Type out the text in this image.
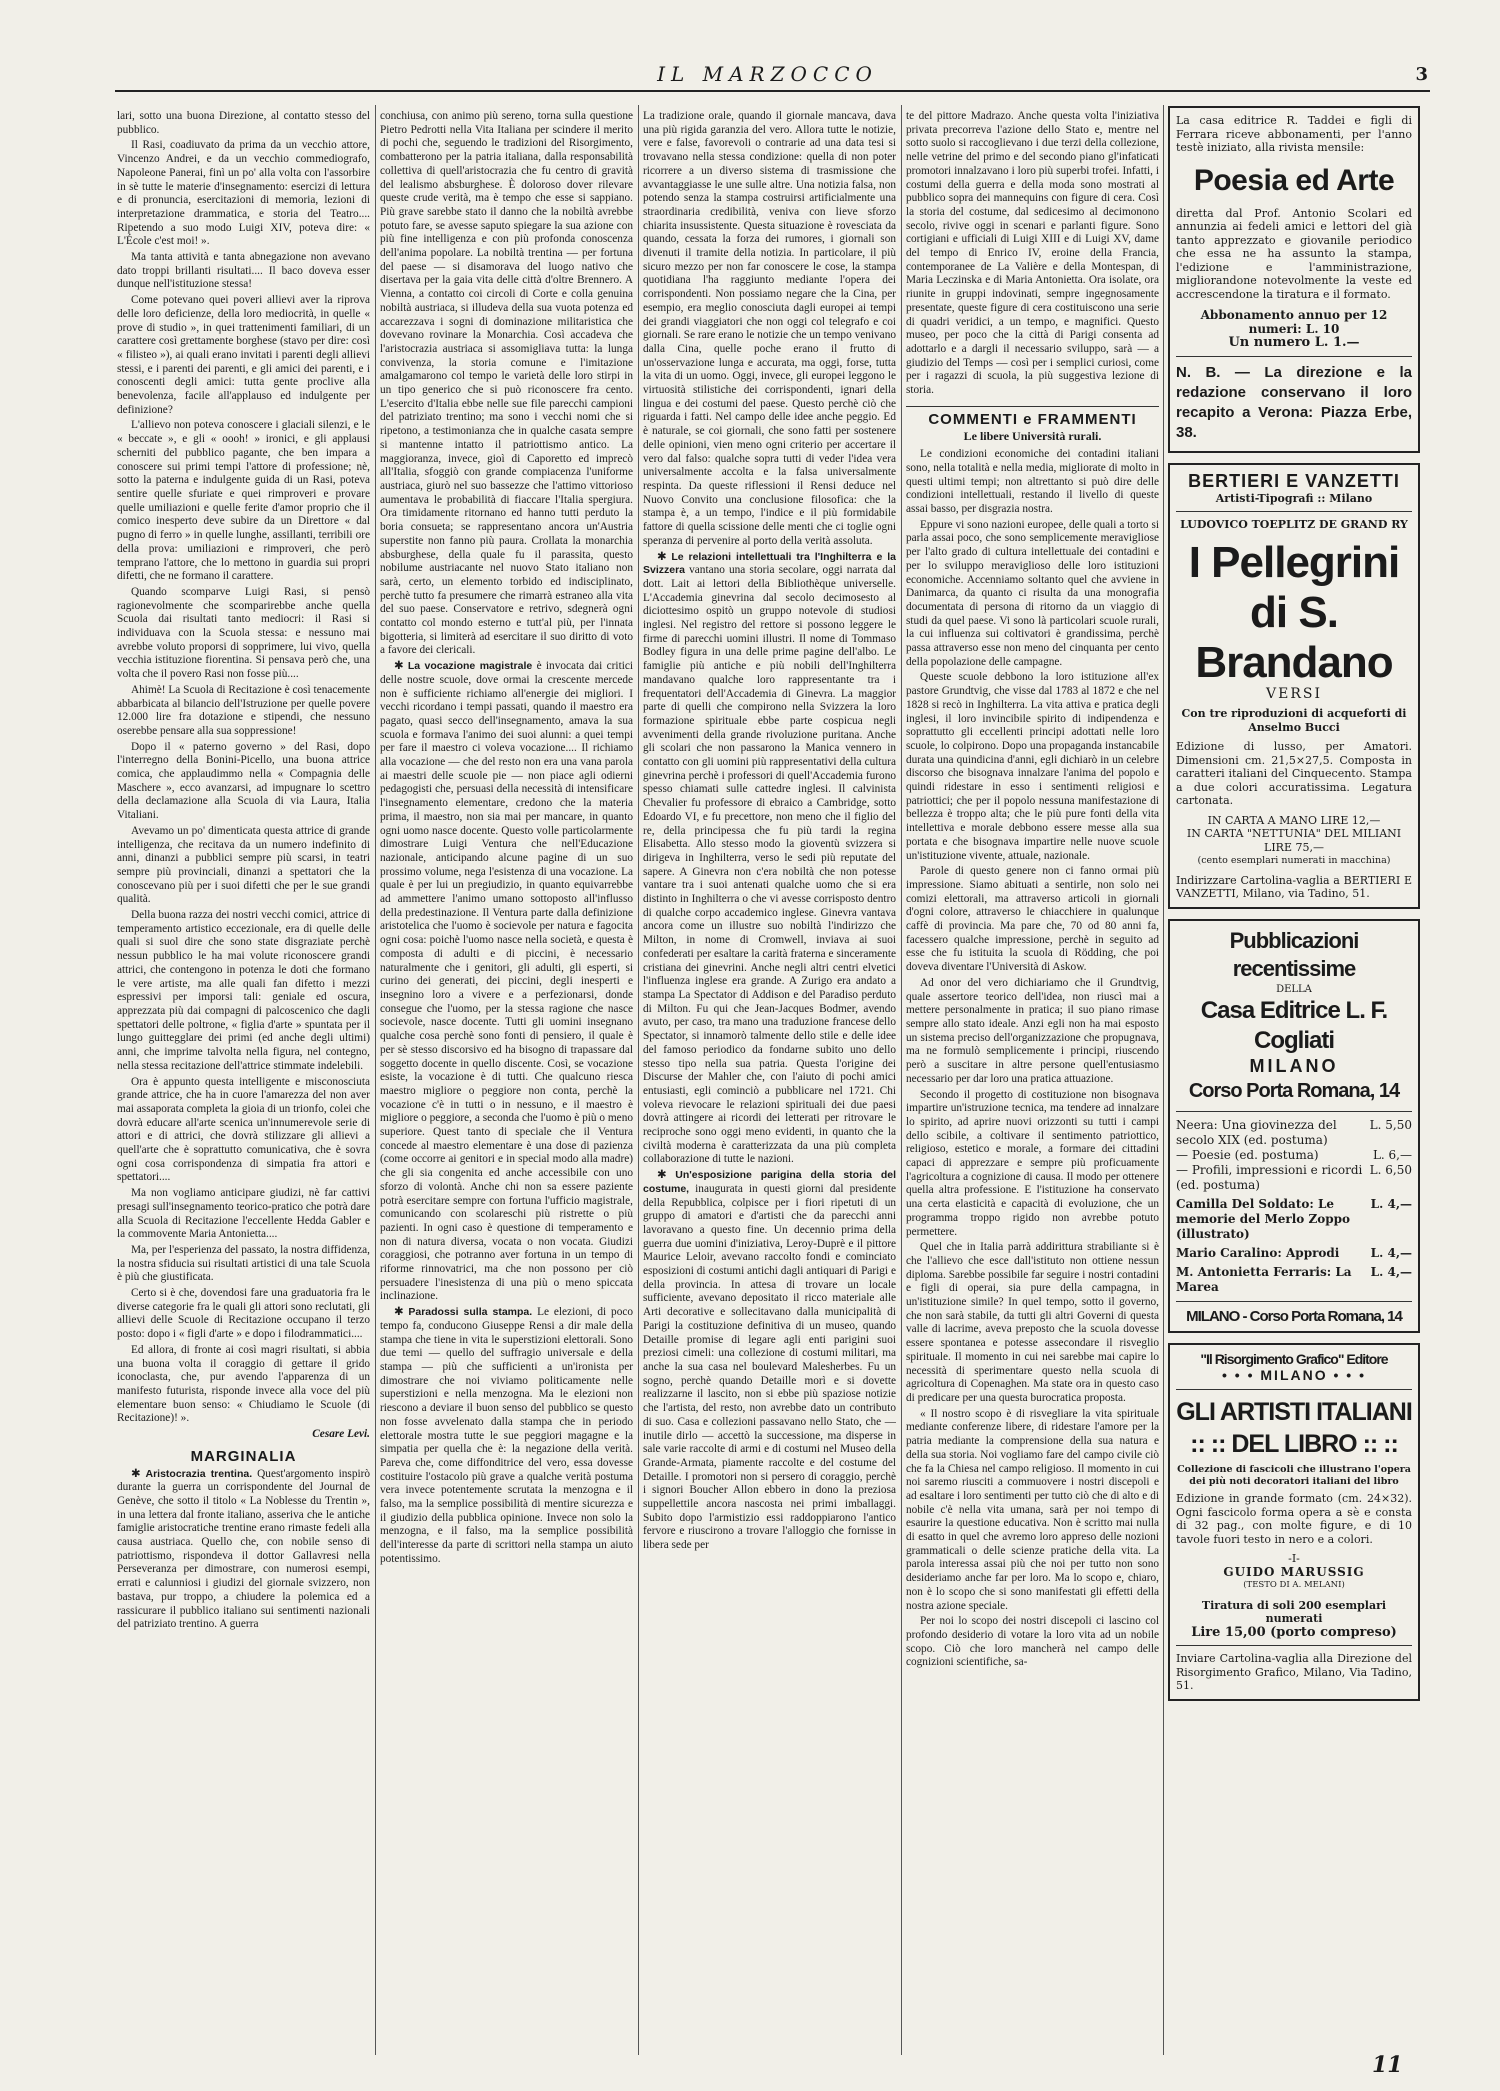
IL MARZOCCO	3

lari, sotto una buona Direzione, al contatto stesso del pubblico.

Il Rasi, coadiuvato da prima da un vecchio attore, Vincenzo Andrei, e da un vecchio commediografo, Napoleone Panerai, finì un po' alla volta con l'assorbire in sè tutte le materie d'insegnamento: esercizi di lettura e di pronuncia, esercitazioni di memoria, lezioni di interpretazione drammatica, e storia del Teatro.... Ripetendo a suo modo Luigi XIV, poteva dire: « L'École c'est moi! ».

Ma tanta attività e tanta abnegazione non avevano dato troppi brillanti risultati.... Il baco doveva esser dunque nell'istituzione stessa!

Come potevano quei poveri allievi aver la riprova delle loro deficienze, della loro mediocrità, in quelle « prove di studio », in quei trattenimenti familiari, di un carattere così grettamente borghese (stavo per dire: così « filisteo »), ai quali erano invitati i parenti degli allievi stessi, e i parenti dei parenti, e gli amici dei parenti, e i conoscenti degli amici: tutta gente proclive alla benevolenza, facile all'applauso ed indulgente per definizione?

L'allievo non poteva conoscere i glaciali silenzi, e le « beccate », e gli « oooh! » ironici, e gli applausi scherniti del pubblico pagante, che ben impara a conoscere sui primi tempi l'attore di professione; nè, sotto la paterna e indulgente guida di un Rasi, poteva sentire quelle sfuriate e quei rimproveri e provare quelle umiliazioni e quelle ferite d'amor proprio che il comico inesperto deve subire da un Direttore « dal pugno di ferro » in quelle lunghe, assillanti, terribili ore della prova: umiliazioni e rimproveri, che però temprano l'attore, che lo mettono in guardia sui propri difetti, che ne formano il carattere.

Quando scomparve Luigi Rasi, si pensò ragionevolmente che scomparirebbe anche quella Scuola dai risultati tanto mediocri: il Rasi si individuava con la Scuola stessa: e nessuno mai avrebbe voluto proporsi di sopprimere, lui vivo, quella vecchia istituzione fiorentina. Si pensava però che, una volta che il povero Rasi non fosse più....

Ahimè! La Scuola di Recitazione è così tenacemente abbarbicata al bilancio dell'Istruzione per quelle povere 12.000 lire fra dotazione e stipendi, che nessuno oserebbe pensare alla sua soppressione!

Dopo il « paterno governo » del Rasi, dopo l'interregno della Bonini-Picello, una buona attrice comica, che applaudimmo nella « Compagnia delle Maschere », ecco avanzarsi, ad impugnare lo scettro della declamazione alla Scuola di via Laura, Italia Vitaliani.

Avevamo un po' dimenticata questa attrice di grande intelligenza, che recitava da un numero indefinito di anni, dinanzi a pubblici sempre più scarsi, in teatri sempre più provinciali, dinanzi a spettatori che la conoscevano più per i suoi difetti che per le sue grandi qualità.

Della buona razza dei nostri vecchi comici, attrice di temperamento artistico eccezionale, era di quelle delle quali si suol dire che sono state disgraziate perchè nessun pubblico le ha mai volute riconoscere grandi attrici, che contengono in potenza le doti che formano le vere artiste, ma alle quali fan difetto i mezzi espressivi per imporsi tali: geniale ed oscura, apprezzata più dai compagni di palcoscenico che dagli spettatori delle poltrone, « figlia d'arte » spuntata per il lungo guittegglare dei primi (ed anche degli ultimi) anni, che imprime talvolta nella figura, nel contegno, nella stessa recitazione dell'attrice stimmate indelebili.

Ora è appunto questa intelligente e misconosciuta grande attrice, che ha in cuore l'amarezza del non aver mai assaporata completa la gioia di un trionfo, colei che dovrà educare all'arte scenica un'innumerevole serie di attori e di attrici, che dovrà stilizzare gli allievi a quell'arte che è soprattutto comunicativa, che è sovra ogni cosa corrispondenza di simpatia fra attori e spettatori....

Ma non vogliamo anticipare giudizi, nè far cattivi presagi sull'insegnamento teorico-pratico che potrà dare alla Scuola di Recitazione l'eccellente Hedda Gabler e la commovente Maria Antonietta....

Ma, per l'esperienza del passato, la nostra diffidenza, la nostra sfiducia sui risultati artistici di una tale Scuola è più che giustificata.

Certo si è che, dovendosi fare una graduatoria fra le diverse categorie fra le quali gli attori sono reclutati, gli allievi delle Scuole di Recitazione occupano il terzo posto: dopo i « figli d'arte » e dopo i filodrammatici....

Ed allora, di fronte ai così magri risultati, si abbia una buona volta il coraggio di gettare il grido iconoclasta, che, pur avendo l'apparenza di un manifesto futurista, risponde invece alla voce del più elementare buon senso: « Chiudiamo le Scuole (di Recitazione)! ».

Cesare Levi.
MARGINALIA

✱ Aristocrazia trentina. Quest'argomento inspirò durante la guerra un corrispondente del Journal de Genève, che sotto il titolo « La Noblesse du Trentin », in una lettera dal fronte italiano, asseriva che le antiche famiglie aristocratiche trentine erano rimaste fedeli alla causa austriaca. Quello che, con nobile senso di patriottismo, rispondeva il dottor Gallavresi nella Perseveranza per dimostrare, con numerosi esempi, errati e calunniosi i giudizi del giornale svizzero, non bastava, pur troppo, a chiudere la polemica ed a rassicurare il pubblico italiano sui sentimenti nazionali del patriziato trentino. A guerra

conchiusa, con animo più sereno, torna sulla questione Pietro Pedrotti nella Vita Italiana per scindere il merito di pochi che, seguendo le tradizioni del Risorgimento, combatterono per la patria italiana, dalla responsabilità collettiva di quell'aristocrazia che fu centro di gravità del lealismo absburghese. È doloroso dover rilevare queste crude verità, ma è tempo che esse si sappiano. Più grave sarebbe stato il danno che la nobiltà avrebbe potuto fare, se avesse saputo spiegare la sua azione con più fine intelligenza e con più profonda conoscenza dell'anima popolare. La nobiltà trentina — per fortuna del paese — si disamorava del luogo nativo che disertava per la gaia vita delle città d'oltre Brennero. A Vienna, a contatto coi circoli di Corte e colla genuina nobiltà austriaca, si illudeva della sua vuota potenza ed accarezzava i sogni di dominazione militaristica che dovevano rovinare la Monarchia. Così accadeva che l'aristocrazia austriaca si assomigliava tutta: la lunga convivenza, la storia comune e l'imitazione amalgamarono col tempo le varietà delle loro stirpi in un tipo generico che si può riconoscere fra cento. L'esercito d'Italia ebbe nelle sue file parecchi campioni del patriziato trentino; ma sono i vecchi nomi che si ripetono, a testimonianza che in qualche casata sempre si mantenne intatto il patriottismo antico. La maggioranza, invece, gioì di Caporetto ed imprecò all'Italia, sfoggiò con grande compiacenza l'uniforme austriaca, giurò nel suo bassezze che l'attimo vittorioso aumentava le probabilità di fiaccare l'Italia spergiura. Ora timidamente ritornano ed hanno tutti perduto la boria consueta; se rappresentano ancora un'Austria superstite non fanno più paura. Crollata la monarchia absburghese, della quale fu il parassita, questo nobilume austriacante nel nuovo Stato italiano non sarà, certo, un elemento torbido ed indisciplinato, perchè tutto fa presumere che rimarrà estraneo alla vita del suo paese. Conservatore e retrivo, sdegnerà ogni contatto col mondo esterno e tutt'al più, per l'innata bigotteria, si limiterà ad esercitare il suo diritto di voto a favore dei clericali.

✱ La vocazione magistrale è invocata dai critici delle nostre scuole, dove ormai la crescente mercede non è sufficiente richiamo all'energie dei migliori. I vecchi ricordano i tempi passati, quando il maestro era pagato, quasi secco dell'insegnamento, amava la sua scuola e formava l'animo dei suoi alunni: a quei tempi per fare il maestro ci voleva vocazione.... Il richiamo alla vocazione — che del resto non era una vana parola ai maestri delle scuole pie — non piace agli odierni pedagogisti che, persuasi della necessità di intensificare l'insegnamento elementare, credono che la materia prima, il maestro, non sia mai per mancare, in quanto ogni uomo nasce docente. Questo volle particolarmente dimostrare Luigi Ventura che nell'Educazione nazionale, anticipando alcune pagine di un suo prossimo volume, nega l'esistenza di una vocazione. La quale è per lui un pregiudizio, in quanto equivarrebbe ad ammettere l'animo umano sottoposto all'influsso della predestinazione. Il Ventura parte dalla definizione aristotelica che l'uomo è socievole per natura e fagocita ogni cosa: poichè l'uomo nasce nella società, e questa è composta di adulti e di piccini, è necessario naturalmente che i genitori, gli adulti, gli esperti, si curino dei generati, dei piccini, degli inesperti e insegnino loro a vivere e a perfezionarsi, donde consegue che l'uomo, per la stessa ragione che nasce socievole, nasce docente. Tutti gli uomini insegnano qualche cosa perchè sono fonti di pensiero, il quale è per sè stesso discorsivo ed ha bisogno di trapassare dal soggetto docente in quello discente. Così, se vocazione esiste, la vocazione è di tutti. Che qualcuno riesca maestro migliore o peggiore non conta, perchè la vocazione c'è in tutti o in nessuno, e il maestro è migliore o peggiore, a seconda che l'uomo è più o meno superiore. Quest tanto di speciale che il Ventura concede al maestro elementare è una dose di pazienza (come occorre ai genitori e in special modo alla madre) che gli sia congenita ed anche accessibile con uno sforzo di volontà. Anche chi non sa essere paziente potrà esercitare sempre con fortuna l'ufficio magistrale, comunicando con scolareschi più ristrette o più pazienti. In ogni caso è questione di temperamento e non di natura diversa, vocata o non vocata. Giudizi coraggiosi, che potranno aver fortuna in un tempo di riforme rinnovatrici, ma che non possono per ciò persuadere l'inesistenza di una più o meno spiccata inclinazione.

✱ Paradossi sulla stampa. Le elezioni, di poco tempo fa, conducono Giuseppe Rensi a dir male della stampa che tiene in vita le superstizioni elettorali. Sono due temi — quello del suffragio universale e della stampa — più che sufficienti a un'ironista per dimostrare che noi viviamo politicamente nelle superstizioni e nella menzogna. Ma le elezioni non riescono a deviare il buon senso del pubblico se questo non fosse avvelenato dalla stampa che in periodo elettorale mostra tutte le sue peggiori magagne e la simpatia per quella che è: la negazione della verità. Pareva che, come diffonditrice del vero, essa dovesse costituire l'ostacolo più grave a qualche verità postuma vera invece potentemente scrutata la menzogna e il falso, ma la semplice possibilità di mentire sicurezza e il giudizio della pubblica opinione. Invece non solo la menzogna, e il falso, ma la semplice possibilità dell'interesse da parte di scrittori nella stampa un aiuto potentissimo.

La tradizione orale, quando il giornale mancava, dava una più rigida garanzia del vero. Allora tutte le notizie, vere e false, favorevoli o contrarie ad una data tesi si trovavano nella stessa condizione: quella di non poter ricorrere a un diverso sistema di trasmissione che avvantaggiasse le une sulle altre. Una notizia falsa, non potendo senza la stampa costruirsi artificialmente una straordinaria credibilità, veniva con lieve sforzo chiarita insussistente. Questa situazione è rovesciata da quando, cessata la forza dei rumores, i giornali son divenuti il tramite della notizia. In particolare, il più sicuro mezzo per non far conoscere le cose, la stampa quotidiana l'ha raggiunto mediante l'opera dei corrispondenti. Non possiamo negare che la Cina, per esempio, era meglio conosciuta dagli europei ai tempi dei grandi viaggiatori che non oggi col telegrafo e coi giornali. Se rare erano le notizie che un tempo venivano dalla Cina, quelle poche erano il frutto di un'osservazione lunga e accurata, ma oggi, forse, tutta la vita di un uomo. Oggi, invece, gli europei leggono le virtuosità stilistiche dei corrispondenti, ignari della lingua e dei costumi del paese. Questo perchè ciò che riguarda i fatti. Nel campo delle idee anche peggio. Ed è naturale, se coi giornali, che sono fatti per sostenere delle opinioni, vien meno ogni criterio per accertare il vero dal falso: qualche sopra tutti di veder l'idea vera universalmente accolta e la falsa universalmente respinta. Da queste riflessioni il Rensi deduce nel Nuovo Convito una conclusione filosofica: che la stampa è, a un tempo, l'indice e il più formidabile fattore di quella scissione delle menti che ci toglie ogni speranza di pervenire al porto della verità assoluta.

✱ Le relazioni intellettuali tra l'Inghilterra e la Svizzera vantano una storia secolare, oggi narrata dal dott. Lait ai lettori della Bibliothèque universelle. L'Accademia ginevrina dal secolo decimosesto al diciottesimo ospitò un gruppo notevole di studiosi inglesi. Nel registro del rettore si possono leggere le firme di parecchi uomini illustri. Il nome di Tommaso Bodley figura in una delle prime pagine dell'albo. Le famiglie più antiche e più nobili dell'Inghilterra mandavano qualche loro rappresentante tra i frequentatori dell'Accademia di Ginevra. La maggior parte di quelli che compirono nella Svizzera la loro formazione spirituale ebbe parte cospicua negli avvenimenti della grande rivoluzione puritana. Anche gli scolari che non passarono la Manica vennero in contatto con gli uomini più rappresentativi della cultura ginevrina perchè i professori di quell'Accademia furono spesso chiamati sulle cattedre inglesi. Il calvinista Chevalier fu professore di ebraico a Cambridge, sotto Edoardo VI, e fu precettore, non meno che il figlio del re, della principessa che fu più tardi la regina Elisabetta. Allo stesso modo la gioventù svizzera si dirigeva in Inghilterra, verso le sedi più reputate del sapere. A Ginevra non c'era nobiltà che non potesse vantare tra i suoi antenati qualche uomo che si era distinto in Inghilterra o che vi avesse corrisposto dentro di qualche corpo accademico inglese. Ginevra vantava ancora come un illustre suo nobiltà l'indirizzo che Milton, in nome di Cromwell, inviava ai suoi confederati per esaltare la carità fraterna e sinceramente cristiana dei ginevrini. Anche negli altri centri elvetici l'influenza inglese era grande. A Zurigo era andato a stampa La Spectator di Addison e del Paradiso perduto di Milton. Fu qui che Jean-Jacques Bodmer, avendo avuto, per caso, tra mano una traduzione francese dello Spectator, si innamorò talmente dello stile e delle idee del famoso periodico da fondarne subito uno dello stesso tipo nella sua patria. Questa l'origine dei Discurse der Mahler che, con l'aiuto di pochi amici entusiasti, egli cominciò a pubblicare nel 1721. Chi voleva rievocare le relazioni spirituali dei due paesi dovrà attingere ai ricordi dei letterati per ritrovare le reciproche sono oggi meno evidenti, in quanto che la civiltà moderna è caratterizzata da una più completa collaborazione di tutte le nazioni.

✱ Un'esposizione parigina della storia del costume, inaugurata in questi giorni dal presidente della Repubblica, colpisce per i fiori ripetuti di un gruppo di amatori e d'artisti che da parecchi anni lavoravano a questo fine. Un decennio prima della guerra due uomini d'iniziativa, Leroy-Duprè e il pittore Maurice Leloir, avevano raccolto fondi e cominciato esposizioni di costumi antichi dagli antiquari di Parigi e della provincia. In attesa di trovare un locale sufficiente, avevano depositato il ricco materiale alle Arti decorative e sollecitavano dalla municipalità di Parigi la costituzione definitiva di un museo, quando Detaille promise di legare agli enti parigini suoi preziosi cimeli: una collezione di costumi militari, ma anche la sua casa nel boulevard Malesherbes. Fu un sogno, perchè quando Detaille morì e si dovette realizzarne il lascito, non si ebbe più spaziose notizie che l'artista, del resto, non avrebbe dato un contributo di suo. Casa e collezioni passavano nello Stato, che — inutile dirlo — accettò la successione, ma disperse in sale varie raccolte di armi e di costumi nel Museo della Grande-Armata, piamente raccolte e del costume del Detaille. I promotori non si persero di coraggio, perchè i signori Boucher Allon ebbero in dono la preziosa suppellettile ancora nascosta nei primi imballaggi. Subito dopo l'armistizio essi raddoppiarono l'antico fervore e riuscirono a trovare l'alloggio che fornisse in libera sede per

te del pittore Madrazo. Anche questa volta l'iniziativa privata precorreva l'azione dello Stato e, mentre nel sotto suolo si raccoglievano i due terzi della collezione, nelle vetrine del primo e del secondo piano gl'infaticati promotori innalzavano i loro più superbi trofei. Infatti, i costumi della guerra e della moda sono mostrati al pubblico sopra dei mannequins con figure di cera. Così la storia del costume, dal sedicesimo al decimonono secolo, rivive oggi in scenari e parlanti figure. Sono cortigiani e ufficiali di Luigi XIII e di Luigi XV, dame del tempo di Enrico IV, eroine della Francia, contemporanee de La Valière e della Montespan, di Maria Leczinska e di Maria Antonietta. Ora isolate, ora riunite in gruppi indovinati, sempre ingegnosamente presentate, queste figure di cera costituiscono una serie di quadri veridici, a un tempo, e magnifici. Questo museo, per poco che la città di Parigi consenta ad adottarlo e a dargli il necessario sviluppo, sarà — a giudizio del Temps — così per i semplici curiosi, come per i ragazzi di scuola, la più suggestiva lezione di storia.

COMMENTI e FRAMMENTI
Le libere Università rurali.

Le condizioni economiche dei contadini italiani sono, nella totalità e nella media, migliorate di molto in questi ultimi tempi; non altrettanto si può dire delle condizioni intellettuali, restando il livello di queste assai basso, per disgrazia nostra.

Eppure vi sono nazioni europee, delle quali a torto si parla assai poco, che sono semplicemente meravigliose per l'alto grado di cultura intellettuale dei contadini e per lo sviluppo meraviglioso delle loro istituzioni economiche. Accenniamo soltanto quel che avviene in Danimarca, da quanto ci risulta da una monografia documentata di persona di ritorno da un viaggio di studi da quel paese. Vi sono là particolari scuole rurali, la cui influenza sui coltivatori è grandissima, perchè passa attraverso esse non meno del cinquanta per cento della popolazione delle campagne.

Queste scuole debbono la loro istituzione all'ex pastore Grundtvig, che visse dal 1783 al 1872 e che nel 1828 si recò in Inghilterra. La vita attiva e pratica degli inglesi, il loro invincibile spirito di indipendenza e soprattutto gli eccellenti principi adottati nelle loro scuole, lo colpirono. Dopo una propaganda instancabile durata una quindicina d'anni, egli dichiarò in un celebre discorso che bisognava innalzare l'anima del popolo e quindi ridestare in esso i sentimenti religiosi e patriottici; che per il popolo nessuna manifestazione di bellezza è troppo alta; che le più pure fonti della vita intellettiva e morale debbono essere messe alla sua portata e che bisognava impartire nelle nuove scuole un'istituzione vivente, attuale, nazionale.

Parole di questo genere non ci fanno ormai più impressione. Siamo abituati a sentirle, non solo nei comizi elettorali, ma attraverso articoli in giornali d'ogni colore, attraverso le chiacchiere in qualunque caffè di provincia. Ma pare che, 70 od 80 anni fa, facessero qualche impressione, perchè in seguito ad esse che fu istituita la scuola di Rödding, che poi doveva diventare l'Università di Askow.

Ad onor del vero dichiariamo che il Grundtvig, quale assertore teorico dell'idea, non riuscì mai a mettere personalmente in pratica; il suo piano rimase sempre allo stato ideale. Anzi egli non ha mai esposto un sistema preciso dell'organizzazione che propugnava, ma ne formulò semplicemente i principi, riuscendo però a suscitare in altre persone quell'entusiasmo necessario per dar loro una pratica attuazione.

Secondo il progetto di costituzione non bisognava impartire un'istruzione tecnica, ma tendere ad innalzare lo spirito, ad aprire nuovi orizzonti su tutti i campi dello scibile, a coltivare il sentimento patriottico, religioso, estetico e morale, a formare dei cittadini capaci di apprezzare e sempre più proficuamente l'agricoltura a cognizione di causa. Il modo per ottenere quella altra professione. E l'istituzione ha conservato una certa elasticità e capacità di evoluzione, che un programma troppo rigido non avrebbe potuto permettere.

Quel che in Italia parrà addirittura strabiliante si è che l'allievo che esce dall'istituto non ottiene nessun diploma. Sarebbe possibile far seguire i nostri contadini e figli di operai, sia pure della campagna, in un'istituzione simile? In quel tempo, sotto il governo, che non sarà stabile, da tutti gli altri Governi di questa valle di lacrime, aveva preposto che la scuola dovesse essere spontanea e potesse assecondare il risveglio spirituale. Il momento in cui nei sarebbe mai capire lo necessità di sperimentare questo nella scuola di agricoltura di Copenaghen. Ma state ora in questo caso di predicare per una questa burocratica proposta.

« Il nostro scopo è di risvegliare la vita spirituale mediante conferenze libere, di ridestare l'amore per la patria mediante la comprensione della sua natura e della sua storia. Noi vogliamo fare del campo civile ciò che fa la Chiesa nel campo religioso. Il momento in cui noi saremo riusciti a commuovere i nostri discepoli e ad esaltare i loro sentimenti per tutto ciò che di alto e di nobile c'è nella vita umana, sarà per noi tempo di esaurire la questione educativa. Non è scritto mai nulla di esatto in quel che avremo loro appreso delle nozioni grammaticali o delle scienze pratiche della vita. La parola interessa assai più che noi per tutto non sono desideriamo anche far per loro. Ma lo scopo e, chiaro, non è lo scopo che si sono manifestati gli effetti della nostra azione speciale.

Per noi lo scopo dei nostri discepoli ci lascino col profondo desiderio di votare la loro vita ad un nobile scopo. Ciò che loro mancherà nel campo delle cognizioni scientifiche, sa-

La casa editrice R. Taddei e figli di Ferrara riceve abbonamenti, per l'anno testè iniziato, alla rivista mensile:
Poesia ed Arte
diretta dal Prof. Antonio Scolari ed annunzia ai fedeli amici e lettori del già tanto apprezzato e giovanile periodico che essa ne ha assunto la stampa, l'edizione e l'amministrazione, migliorandone notevolmente la veste ed accrescendone la tiratura e il formato.
Abbonamento annuo per 12 numeri: L. 10
Un numero L. 1.—
N. B. — La direzione e la redazione conservano il loro recapito a Verona: Piazza Erbe, 38.
BERTIERI E VANZETTI
Artisti-Tipografi :: Milano
LUDOVICO TOEPLITZ DE GRAND RY
I Pellegrini
di S. Brandano
VERSI
Con tre riproduzioni di acqueforti di Anselmo Bucci
Edizione di lusso, per Amatori. Dimensioni cm. 21,5×27,5. Composta in caratteri italiani del Cinquecento. Stampa a due colori accuratissima. Legatura cartonata.
IN CARTA A MANO LIRE 12,—
IN CARTA "NETTUNIA" DEL MILIANI LIRE 75,—
(cento esemplari numerati in macchina)
Indirizzare Cartolina-vaglia a BERTIERI E VANZETTI, Milano, via Tadino, 51.
Pubblicazioni recentissime
DELLA
Casa Editrice L. F. Cogliati
MILANO
Corso Porta Romana, 14
Neera: Una giovinezza del secolo XIX (ed. postuma)
L. 5,50
— Poesie (ed. postuma)	L. 6,—
— Profili, impressioni e ricordi (ed. postuma)
L. 6,50
Camilla Del Soldato: Le memorie del Merlo Zoppo (illustrato)
L. 4,—
Mario Caralino: Approdi	L. 4,—
M. Antonietta Ferraris: La Marea
L. 4,—
MILANO - Corso Porta Romana, 14
"Il Risorgimento Grafico" Editore
• • • MILANO • • •
GLI ARTISTI ITALIANI
:: :: DEL LIBRO :: ::
Collezione di fascicoli che illustrano l'opera dei più noti decoratori italiani del libro
Edizione in grande formato (cm. 24×32). Ogni fascicolo forma opera a sè e consta di 32 pag., con molte figure, e di 10 tavole fuori testo in nero e a colori.
-I-
GUIDO MARUSSIG
(TESTO DI A. MELANI)
Tiratura di soli 200 esemplari numerati
Lire 15,00 (porto compreso)
Inviare Cartolina-vaglia alla Direzione del Risorgimento Grafico, Milano, Via Tadino, 51.
11
